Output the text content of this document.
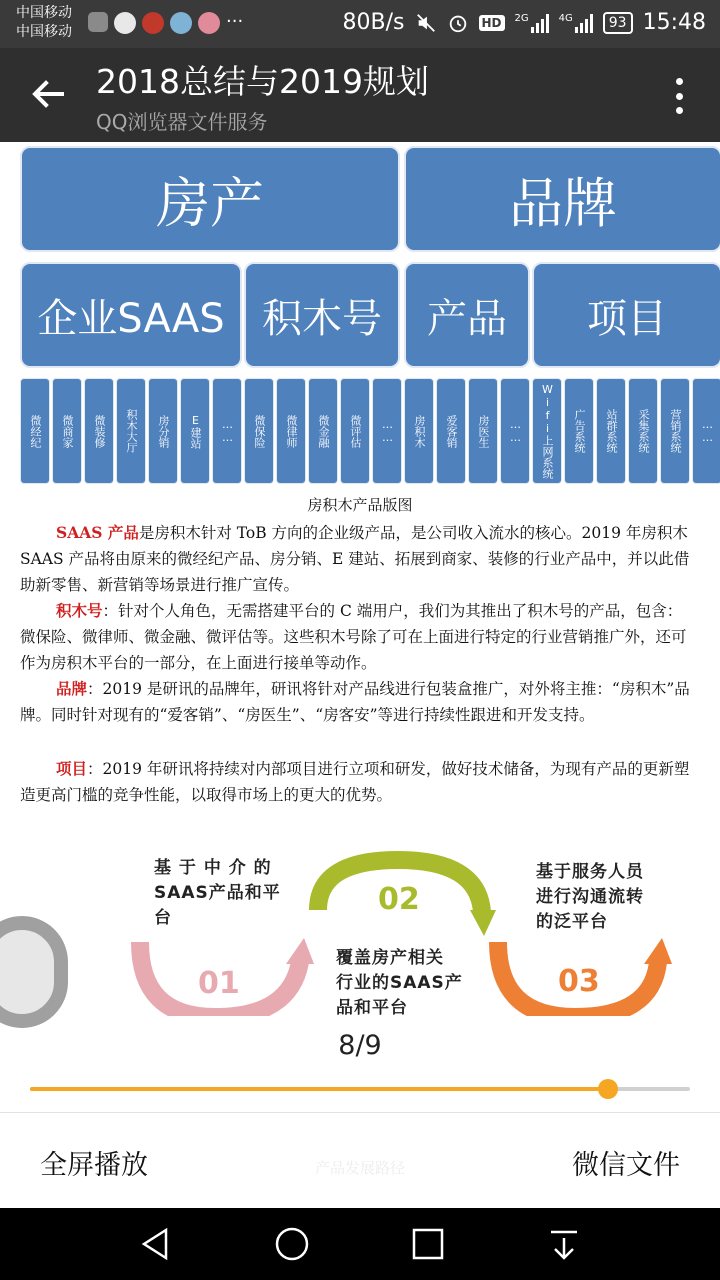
中国移动
中国移动	···	80B/s	HD	2G	4G	93 15:48
2018总结与2019规划
QQ浏览器文件服务
房产	品牌
企业SAAS 积木号	产品	项目
微经纪	微商家	微装修	积木大厅	房分销	E建站	……	微保险	微律师	微金融	微评估	……	房积木	爱客销	房医生	……	Wifi上网系统	广告系统	站群系统	采集系统	营销系统	……
房积木产品版图

SAAS 产品是房积木针对 ToB 方向的企业级产品，是公司收入流水的核心。2019 年房积木 SAAS 产品将由原来的微经纪产品、房分销、E 建站、拓展到商家、装修的行业产品中，并以此借助新零售、新营销等场景进行推广宣传。

积木号：针对个人角色，无需搭建平台的 C 端用户，我们为其推出了积木号的产品，包含：微保险、微律师、微金融、微评估等。这些积木号除了可在上面进行特定的行业营销推广外，还可作为房积木平台的一部分，在上面进行接单等动作。

品牌：2019 是研讯的品牌年，研讯将针对产品线进行包装盒推广，对外将主推：“房积木”品牌。同时针对现有的“爱客销”、“房医生”、“房客安”等进行持续性跟进和开发支持。

项目：2019 年研讯将持续对内部项目进行立项和研发，做好技术储备，为现有产品的更新塑造更高门槛的竞争性能，以取得市场上的更大的优势。

基 于 中 介 的
SAAS产品和平
台
01
02
覆盖房产相关
行业的SAAS产
品和平台
基于服务人员
进行沟通流转
的泛平台
03
8/9
产品发展路径
全屏播放	微信文件
